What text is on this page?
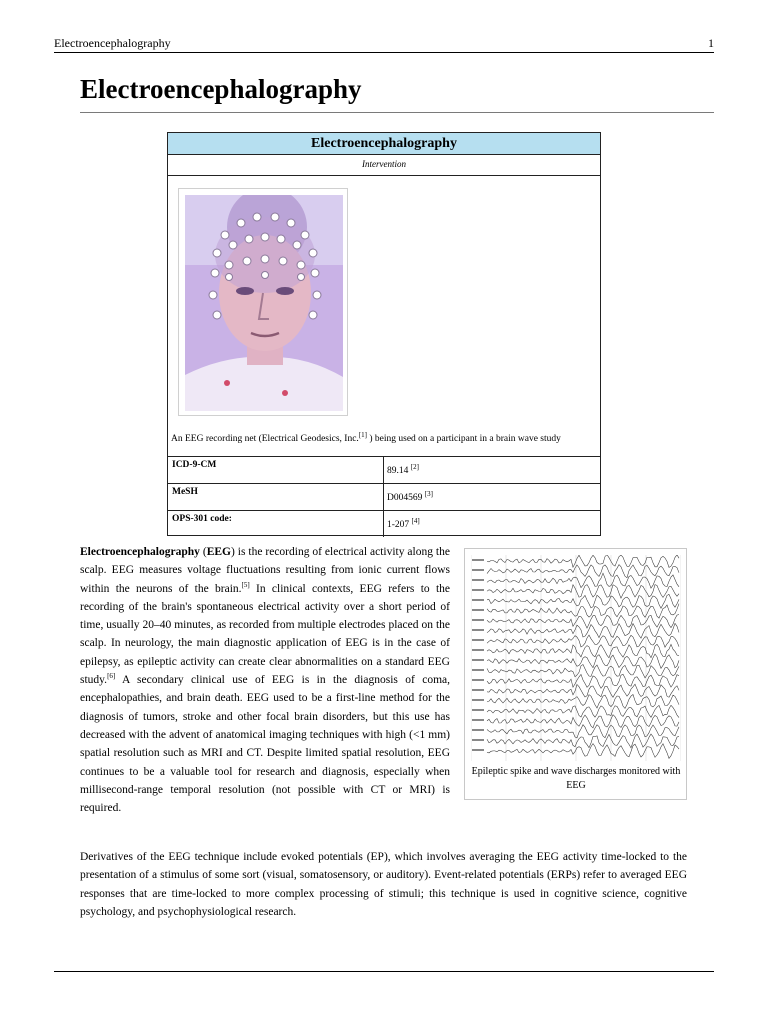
Electroencephalography	1
Electroencephalography
Electroencephalography
Intervention
An EEG recording net (Electrical Geodesics, Inc.[1] ) being used on a participant in a brain wave study
ICD-9-CM
89.14 [2]
MeSH
D004569 [3]
OPS-301 code:
1-207 [4]
Electroencephalography (EEG) is the recording of electrical activity along the scalp. EEG measures voltage fluctuations resulting from ionic current flows within the neurons of the brain.[5] In clinical contexts, EEG refers to the recording of the brain's spontaneous electrical activity over a short period of time, usually 20–40 minutes, as recorded from multiple electrodes placed on the scalp. In neurology, the main diagnostic application of EEG is in the case of epilepsy, as epileptic activity can create clear abnormalities on a standard EEG study.[6] A secondary clinical use of EEG is in the diagnosis of coma, encephalopathies, and brain death. EEG used to be a first-line method for the diagnosis of tumors, stroke and other focal brain disorders, but this use has decreased with the advent of anatomical imaging techniques with high (<1 mm) spatial resolution such as MRI and CT. Despite limited spatial resolution, EEG continues to be a valuable tool for research and diagnosis, especially when millisecond-range temporal resolution (not possible with CT or MRI) is required.
Epileptic spike and wave discharges monitored with EEG
Derivatives of the EEG technique include evoked potentials (EP), which involves averaging the EEG activity time-locked to the presentation of a stimulus of some sort (visual, somatosensory, or auditory). Event-related potentials (ERPs) refer to averaged EEG responses that are time-locked to more complex processing of stimuli; this technique is used in cognitive science, cognitive psychology, and psychophysiological research.
